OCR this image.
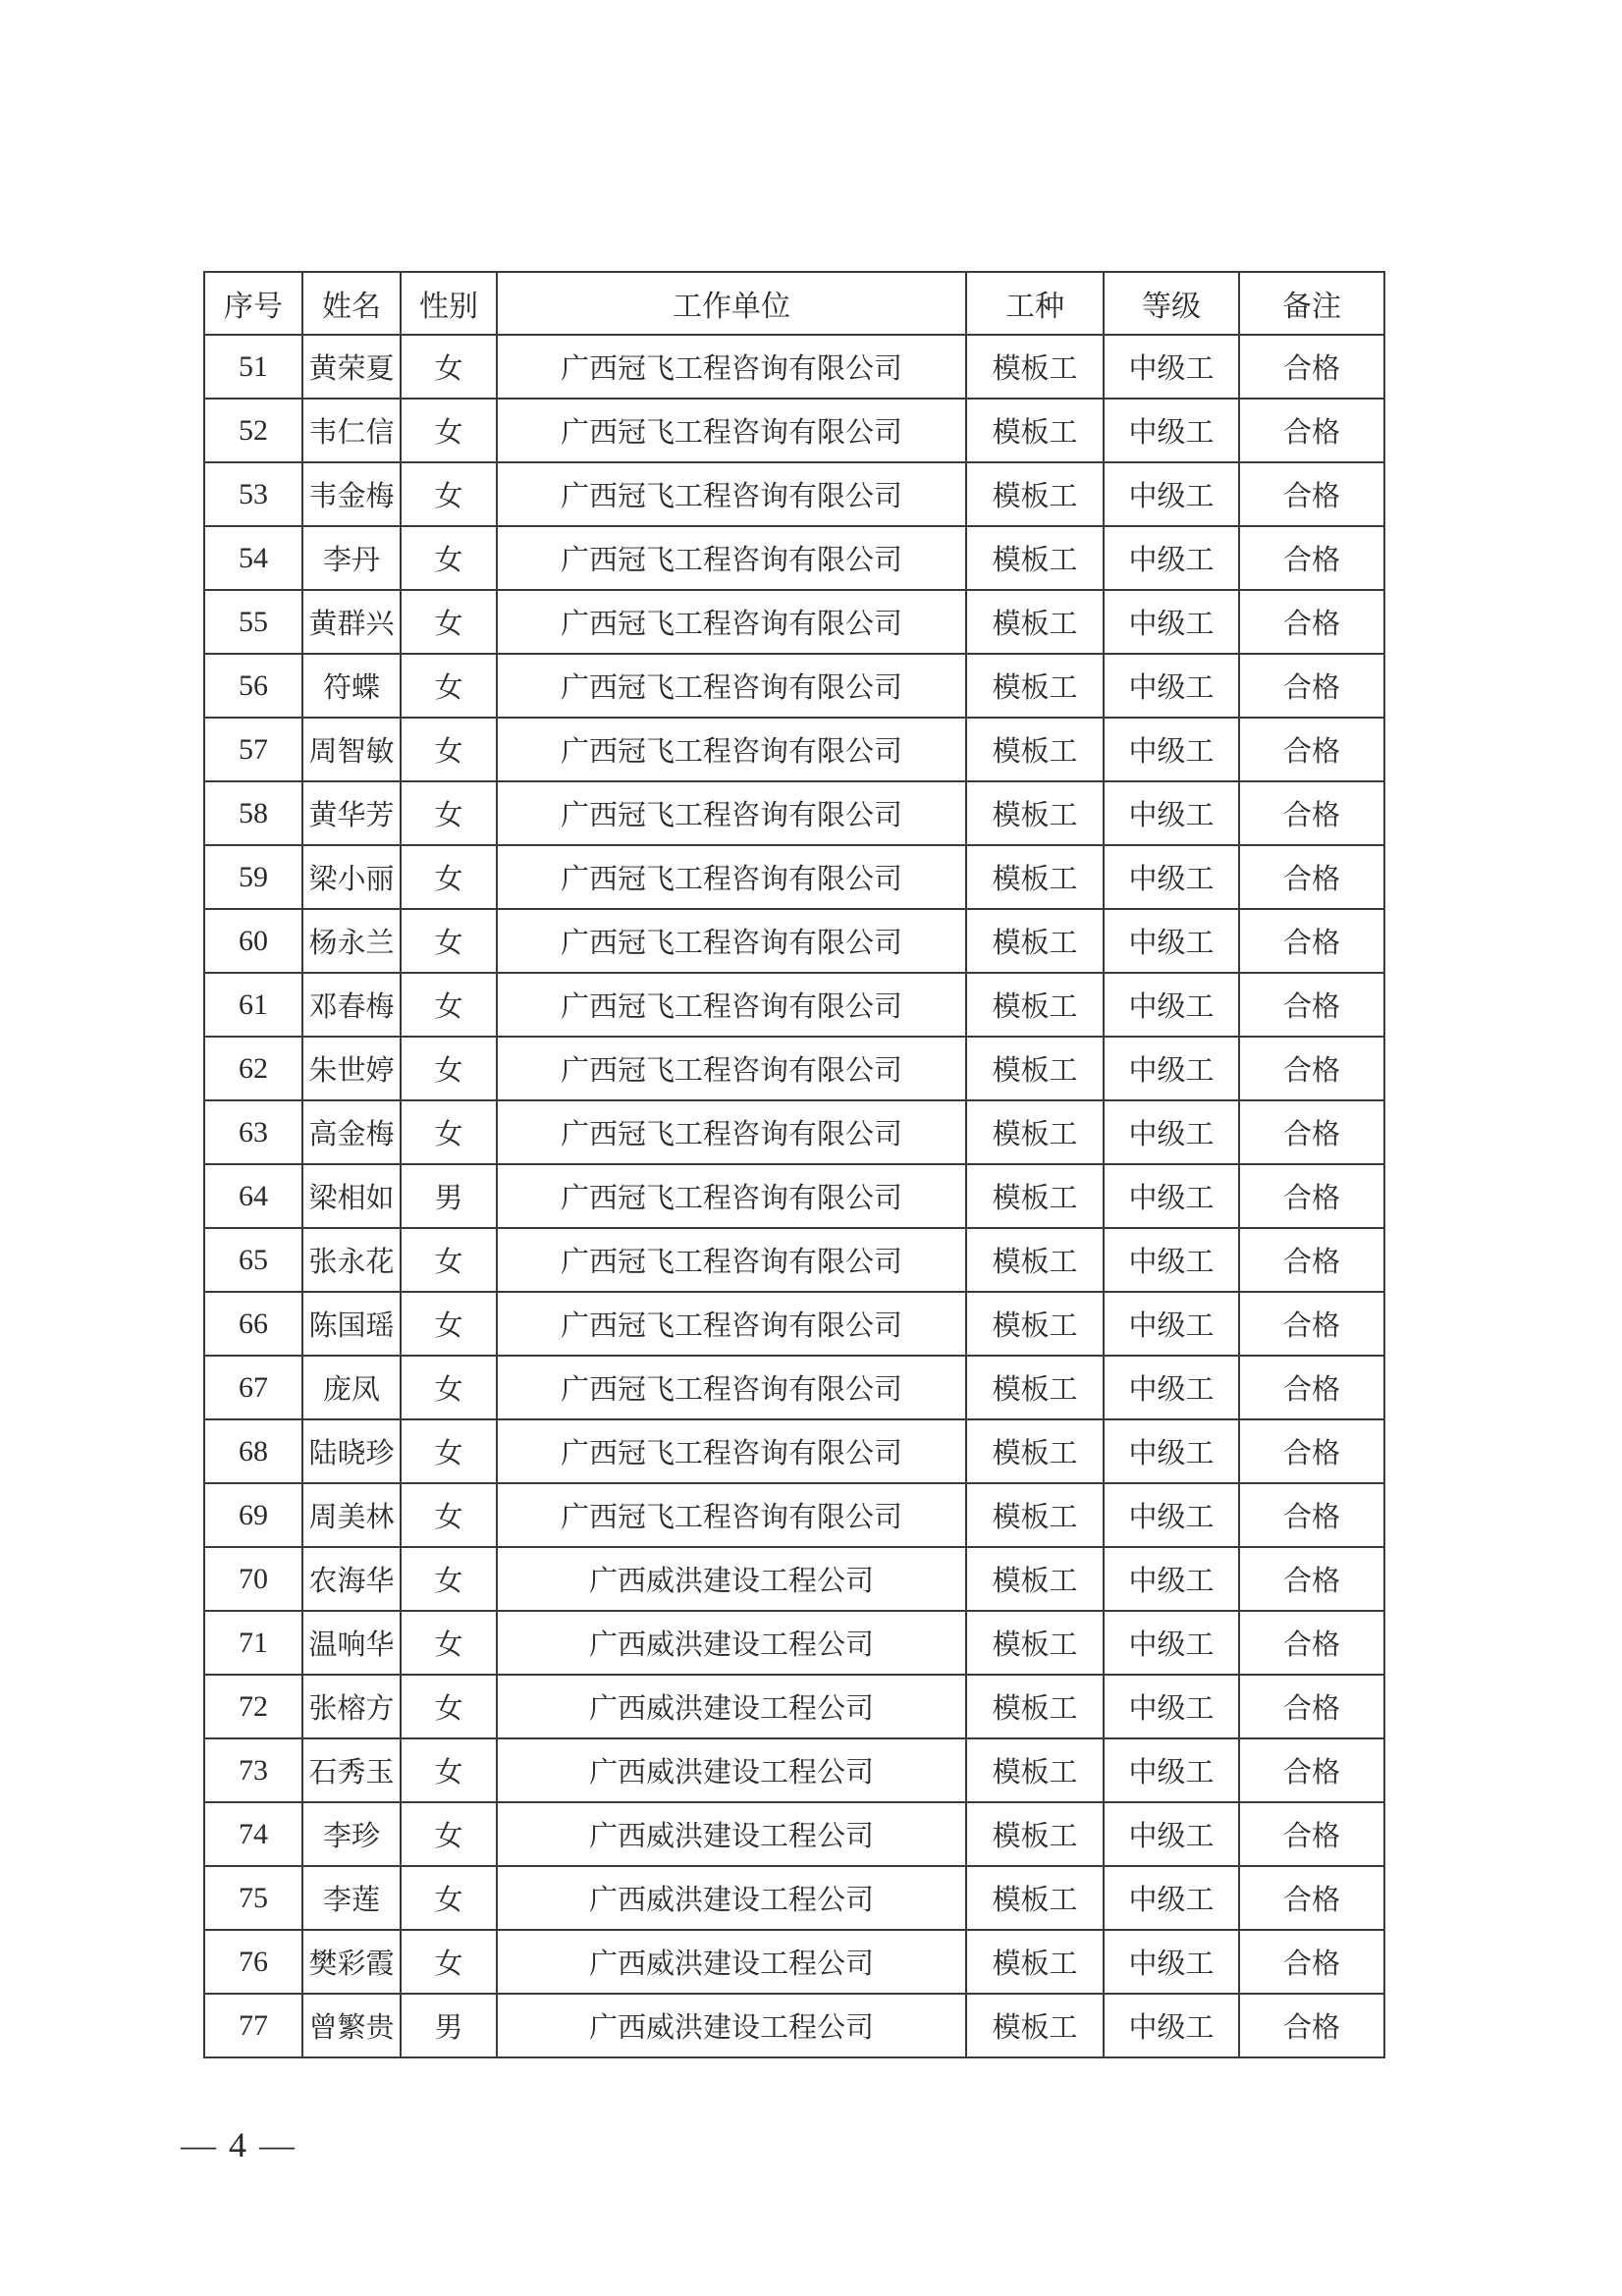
序号	姓名	性别	工作单位	工种	等级	备注
51	黄荣夏	女	广西冠飞工程咨询有限公司	模板工	中级工	合格
52	韦仁信	女	广西冠飞工程咨询有限公司	模板工	中级工	合格
53	韦金梅	女	广西冠飞工程咨询有限公司	模板工	中级工	合格
54	李丹	女	广西冠飞工程咨询有限公司	模板工	中级工	合格
55	黄群兴	女	广西冠飞工程咨询有限公司	模板工	中级工	合格
56	符蝶	女	广西冠飞工程咨询有限公司	模板工	中级工	合格
57	周智敏	女	广西冠飞工程咨询有限公司	模板工	中级工	合格
58	黄华芳	女	广西冠飞工程咨询有限公司	模板工	中级工	合格
59	梁小丽	女	广西冠飞工程咨询有限公司	模板工	中级工	合格
60	杨永兰	女	广西冠飞工程咨询有限公司	模板工	中级工	合格
61	邓春梅	女	广西冠飞工程咨询有限公司	模板工	中级工	合格
62	朱世婷	女	广西冠飞工程咨询有限公司	模板工	中级工	合格
63	高金梅	女	广西冠飞工程咨询有限公司	模板工	中级工	合格
64	梁相如	男	广西冠飞工程咨询有限公司	模板工	中级工	合格
65	张永花	女	广西冠飞工程咨询有限公司	模板工	中级工	合格
66	陈国瑶	女	广西冠飞工程咨询有限公司	模板工	中级工	合格
67	庞凤	女	广西冠飞工程咨询有限公司	模板工	中级工	合格
68	陆晓珍	女	广西冠飞工程咨询有限公司	模板工	中级工	合格
69	周美林	女	广西冠飞工程咨询有限公司	模板工	中级工	合格
70	农海华	女	广西威洪建设工程公司	模板工	中级工	合格
71	温响华	女	广西威洪建设工程公司	模板工	中级工	合格
72	张榕方	女	广西威洪建设工程公司	模板工	中级工	合格
73	石秀玉	女	广西威洪建设工程公司	模板工	中级工	合格
74	李珍	女	广西威洪建设工程公司	模板工	中级工	合格
75	李莲	女	广西威洪建设工程公司	模板工	中级工	合格
76	樊彩霞	女	广西威洪建设工程公司	模板工	中级工	合格
77	曾繁贵	男	广西威洪建设工程公司	模板工	中级工	合格
— 4 —
